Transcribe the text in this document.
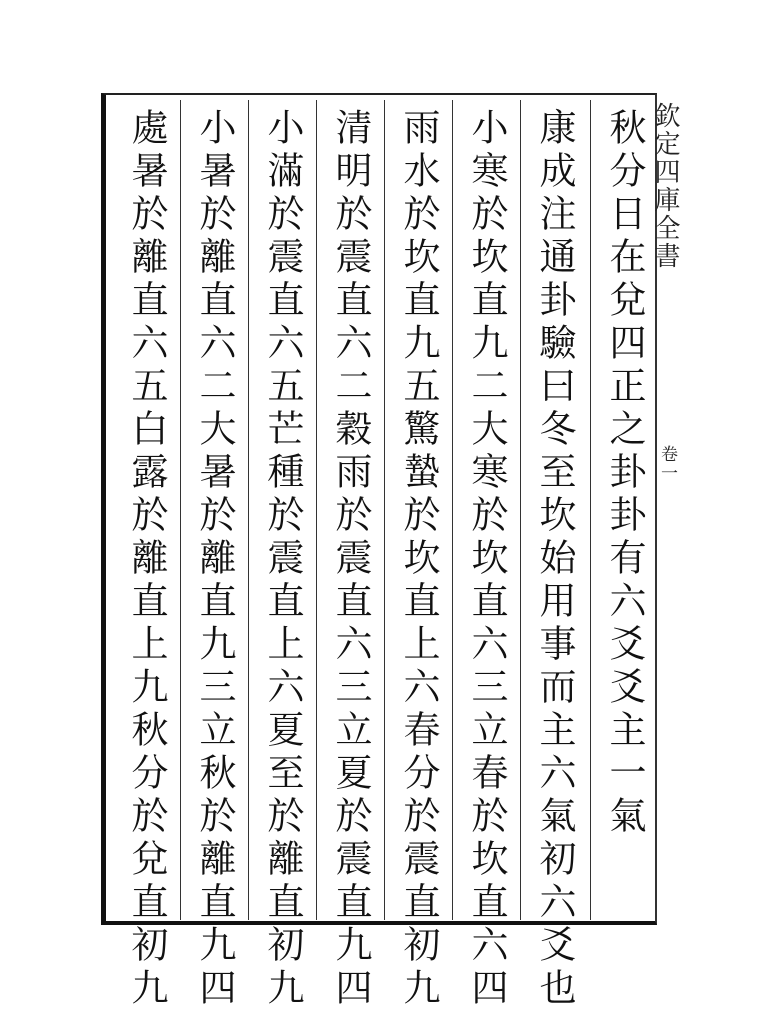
欽定四庫全書
卷一
秋分日在兌四正之卦卦有六爻爻主一氣
康成注通卦驗曰冬至坎始用事而主六氣初六爻也
小寒於坎直九二大寒於坎直六三立春於坎直六四
雨水於坎直九五驚蟄於坎直上六春分於震直初九
清明於震直六二穀雨於震直六三立夏於震直九四
小滿於震直六五芒種於震直上六夏至於離直初九
小暑於離直六二大暑於離直九三立秋於離直九四
處暑於離直六五白露於離直上九秋分於兌直初九
